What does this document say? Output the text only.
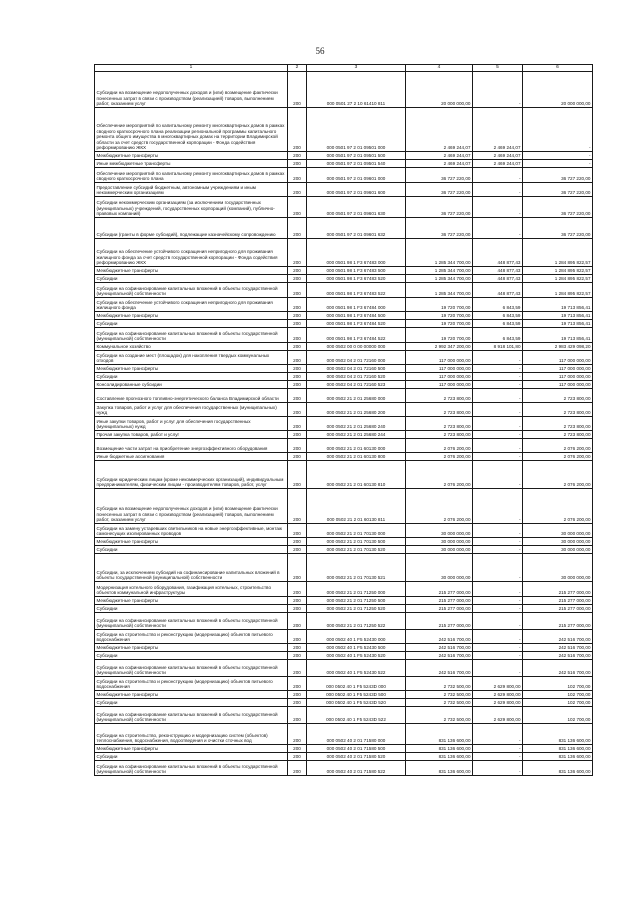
56
1	2	3	4	5	6
Субсидии на возмещение недополученных доходов и (или) возмещение фактически понесенных затрат в связи с производством (реализацией) товаров, выполнением работ, оказанием услуг	200	000 0501 27 2 10 61410 811	20 000 000,00	-	20 000 000,00
Обеспечение мероприятий по капитальному ремонту многоквартирных домов в рамках сводного краткосрочного плана реализации региональной программы капитального ремонта общего имущества в многоквартирных домах на территории Владимирской области за счет средств государственной корпорации - Фонда содействия реформированию ЖКХ	200	000 0501 97 2 01 09501 000	2 469 244,07	2 469 244,07	-
Межбюджетные трансферты	200	000 0501 97 2 01 09501 500	2 469 244,07	2 469 244,07	-
Иные межбюджетные трансферты	200	000 0501 97 2 01 09501 540	2 469 244,07	2 469 244,07	-
Обеспечение мероприятий по капитальному ремонту многоквартирных домов в рамках сводного краткосрочного плана	200	000 0501 97 2 01 09601 000	36 727 220,00	-	36 727 220,00
Предоставление субсидий бюджетным, автономным учреждениям и иным некоммерческим организациям	200	000 0501 97 2 01 09601 600	36 727 220,00	-	36 727 220,00
Субсидии некоммерческим организациям (за исключением государственных (муниципальных) учреждений, государственных корпораций (компаний), публично-правовых компаний)	200	000 0501 97 2 01 09601 630	36 727 220,00	-	36 727 220,00
Субсидии (гранты в форме субсидий), подлежащие казначейскому сопровождению	200	000 0501 97 2 01 09601 632	36 727 220,00	-	36 727 220,00
Субсидии на обеспечение устойчивого сокращения непригодного для проживания жилищного фонда за счет средств государственной корпорации - Фонда содействия реформированию ЖКХ	200	000 0501 98 1 F3 67483 000	1 285 344 700,00	448 877,43	1 284 895 822,57
Межбюджетные трансферты	200	000 0501 98 1 F3 67483 500	1 285 344 700,00	448 877,43	1 284 895 822,57
Субсидии	200	000 0501 98 1 F3 67483 520	1 285 344 700,00	448 877,43	1 284 895 822,57
Субсидии на софинансирование капитальных вложений в объекты государственной (муниципальной) собственности	200	000 0501 98 1 F3 67483 522	1 285 344 700,00	448 877,43	1 284 895 822,57
Субсидии на обеспечение устойчивого сокращения непригодного для проживания жилищного фонда	200	000 0501 98 1 F3 67484 000	19 720 700,00	6 843,59	19 713 856,41
Межбюджетные трансферты	200	000 0501 98 1 F3 67484 500	19 720 700,00	6 843,59	19 713 856,41
Субсидии	200	000 0501 98 1 F3 67484 520	19 720 700,00	6 843,59	19 713 856,41
Субсидии на софинансирование капитальных вложений в объекты государственной (муниципальной) собственности	200	000 0501 98 1 F3 67484 522	19 720 700,00	6 843,59	19 713 856,41
Коммунальное хозяйство	200	000 0502 00 0 00 00000 000	2 992 347 200,00	8 918 101,80	2 983 429 098,20
Субсидии на создание мест (площадок) для накопления твердых коммунальных отходов	200	000 0502 04 2 01 72160 000	117 000 000,00	-	117 000 000,00
Межбюджетные трансферты	200	000 0502 04 2 01 72160 500	117 000 000,00	-	117 000 000,00
Субсидии	200	000 0502 04 2 01 72160 520	117 000 000,00	-	117 000 000,00
Консолидированные субсидии	200	000 0502 04 2 01 72160 523	117 000 000,00	-	117 000 000,00
Составление прогнозного топливно-энергетического баланса Владимирской области	200	000 0502 21 2 01 25680 000	2 723 800,00	-	2 723 800,00
Закупка товаров, работ и услуг для обеспечения государственных (муниципальных) нужд	200	000 0502 21 2 01 25680 200	2 723 800,00	-	2 723 800,00
Иные закупки товаров, работ и услуг для обеспечения государственных (муниципальных) нужд	200	000 0502 21 2 01 25680 240	2 723 800,00	-	2 723 800,00
Прочая закупка товаров, работ и услуг	200	000 0502 21 2 01 25680 244	2 723 800,00	-	2 723 800,00
Возмещение части затрат на приобретение энергоэффективного оборудования	200	000 0502 21 2 01 60130 000	2 076 200,00	-	2 076 200,00
Иные бюджетные ассигнования	200	000 0502 21 2 01 60130 800	2 076 200,00	-	2 076 200,00
Субсидии юридическим лицам (кроме некоммерческих организаций), индивидуальным предпринимателям, физическим лицам - производителям товаров, работ, услуг	200	000 0502 21 2 01 60130 810	2 076 200,00	-	2 076 200,00
Субсидии на возмещение недополученных доходов и (или) возмещение фактически понесенных затрат в связи с производством (реализацией) товаров, выполнением работ, оказанием услуг	200	000 0502 21 2 01 60130 811	2 076 200,00	-	2 076 200,00
Субсидии на замену устаревших светильников на новые энергоэффективные, монтаж самонесущих изолированных проводов	200	000 0502 21 2 01 70130 000	30 000 000,00	-	30 000 000,00
Межбюджетные трансферты	200	000 0502 21 2 01 70130 500	30 000 000,00	-	30 000 000,00
Субсидии	200	000 0502 21 2 01 70130 520	30 000 000,00	-	30 000 000,00
Субсидии, за исключением субсидий на софинансирование капитальных вложений в объекты государственной (муниципальной) собственности	200	000 0502 21 2 01 70130 521	30 000 000,00	-	30 000 000,00
Модернизация котельного оборудования, газификация котельных, строительство объектов коммунальной инфраструктуры	200	000 0502 21 2 01 71250 000	215 277 000,00	-	215 277 000,00
Межбюджетные трансферты	200	000 0502 21 2 01 71250 500	215 277 000,00	-	215 277 000,00
Субсидии	200	000 0502 21 2 01 71250 520	215 277 000,00	-	215 277 000,00
Субсидии на софинансирование капитальных вложений в объекты государственной (муниципальной) собственности	200	000 0502 21 2 01 71250 522	215 277 000,00	-	215 277 000,00
Субсидии на строительство и реконструкцию (модернизацию) объектов питьевого водоснабжения	200	000 0502 40 1 F5 52430 000	242 516 700,00	-	242 516 700,00
Межбюджетные трансферты	200	000 0502 40 1 F5 52430 500	242 516 700,00	-	242 516 700,00
Субсидии	200	000 0502 40 1 F5 52430 520	242 516 700,00	-	242 516 700,00
Субсидии на софинансирование капитальных вложений в объекты государственной (муниципальной) собственности	200	000 0502 40 1 F5 52430 522	242 516 700,00	-	242 516 700,00
Субсидии на строительство и реконструкцию (модернизацию) объектов питьевого водоснабжения	200	000 0502 40 1 F5 5243D 000	2 732 500,00	2 629 800,00	102 700,00
Межбюджетные трансферты	200	000 0502 40 1 F5 5243D 500	2 732 500,00	2 629 800,00	102 700,00
Субсидии	200	000 0502 40 1 F5 5243D 520	2 732 500,00	2 629 800,00	102 700,00
Субсидии на софинансирование капитальных вложений в объекты государственной (муниципальной) собственности	200	000 0502 40 1 F5 5243D 522	2 732 500,00	2 629 800,00	102 700,00
Субсидии на строительство, реконструкцию и модернизацию систем (объектов) теплоснабжения, водоснабжения, водоотведения и очистки сточных вод	200	000 0502 40 2 01 71580 000	831 136 600,00	-	831 136 600,00
Межбюджетные трансферты	200	000 0502 40 2 01 71580 500	831 136 600,00	-	831 136 600,00
Субсидии	200	000 0502 40 2 01 71580 520	831 136 600,00	-	831 136 600,00
Субсидии на софинансирование капитальных вложений в объекты государственной (муниципальной) собственности	200	000 0502 40 2 01 71580 522	831 136 600,00	-	831 136 600,00
